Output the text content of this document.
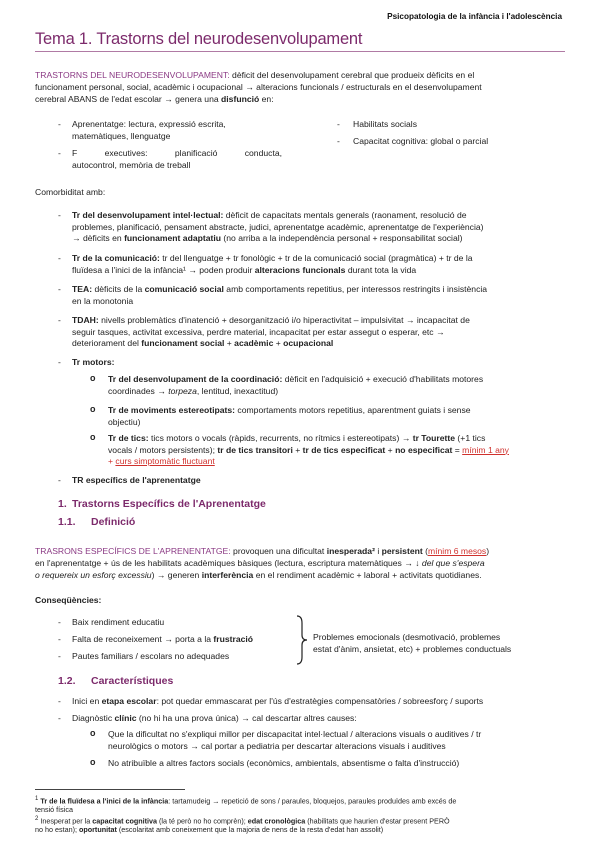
Psicopatologia de la infància i l'adolescència
Tema 1. Trastorns del neurodesenvolupament
TRASTORNS DEL NEURODESENVOLUPAMENT: dèficit del desenvolupament cerebral que produeix dèficits en el
funcionament personal, social, acadèmic i ocupacional → alteracions funcionals / estructurals en el desenvolupament
cerebral ABANS de l'edat escolar → genera una disfunció en:
- Aprenentatge: lectura, expressió escrita,
matemàtiques, llenguatge
- F executives: planificació conducta,
autocontrol, memòria de treball
- Habilitats socials
- Capacitat cognitiva: global o parcial
Comorbiditat amb:
- Tr del desenvolupament intel·lectual: dèficit de capacitats mentals generals (raonament, resolució de
problemes, planificació, pensament abstracte, judici, aprenentatge acadèmic, aprenentatge de l'experiència)
→ dèficits en funcionament adaptatiu (no arriba a la independència personal + responsabilitat social)
- Tr de la comunicació: tr del llenguatge + tr fonològic + tr de la comunicació social (pragmàtica) + tr de la
fluïdesa a l'inici de la infància¹ → poden produir alteracions funcionals durant tota la vida
- TEA: dèficits de la comunicació social amb comportaments repetitius, per interessos restringits i insistència
en la monotonia
- TDAH: nivells problemàtics d'inatenció + desorganització i/o hiperactivitat – impulsivitat → incapacitat de
seguir tasques, activitat excessiva, perdre material, incapacitat per estar assegut o esperar, etc →
deteriorament del funcionament social + acadèmic + ocupacional
- Tr motors:
o Tr del desenvolupament de la coordinació: dèficit en l'adquisició + execució d'habilitats motores
coordinades → torpeza, lentitud, inexactitud)
o Tr de moviments estereotipats: comportaments motors repetitius, aparentment guiats i sense
objectiu)
o Tr de tics: tics motors o vocals (ràpids, recurrents, no rítmics i estereotipats) → tr Tourette (+1 tics
vocals / motors persistents); tr de tics transitori + tr de tics especificat + no especificat = mínim 1 any
+ curs simptomàtic fluctuant
- TR específics de l'aprenentatge
1. Trastorns Específics de l'Aprenentatge
1.1. Definició
TRASRONS ESPECÍFICS DE L'APRENENTATGE: provoquen una dificultat inesperada² i persistent (mínim 6 mesos)
en l'aprenentatge + ús de les habilitats acadèmiques bàsiques (lectura, escriptura matemàtiques → ↓ del que s'espera
o requereix un esforç excessiu) → generen interferència en el rendiment acadèmic + laboral + activitats quotidianes.
Conseqüències:
- Baix rendiment educatiu
- Falta de reconeixement → porta a la frustració
- Pautes familiars / escolars no adequades
Problemes emocionals (desmotivació, problemes
estat d'ànim, ansietat, etc) + problemes conductuals
1.2. Característiques
- Inici en etapa escolar: pot quedar emmascarat per l'ús d'estratègies compensatòries / sobreesforç / suports
- Diagnòstic clínic (no hi ha una prova única) → cal descartar altres causes:
o Que la dificultat no s'expliqui millor per discapacitat intel·lectual / alteracions visuals o auditives / tr
neurològics o motors → cal portar a pediatria per descartar alteracions visuals i auditives
o No atribuïble a altres factors socials (econòmics, ambientals, absentisme o falta d'instrucció)
$^1$ Tr de la fluïdesa a l'inici de la infància: tartamudeig → repetició de sons / paraules, bloquejos, paraules produïdes amb excés de
tensió física
$^2$ Inesperat per la capacitat cognitiva (la té però no ho comprèn); edat cronològica (habilitats que haurien d'estar present PERÒ
no ho estan); oportunitat (escolaritat amb coneixement que la majoria de nens de la resta d'edat han assolit)
